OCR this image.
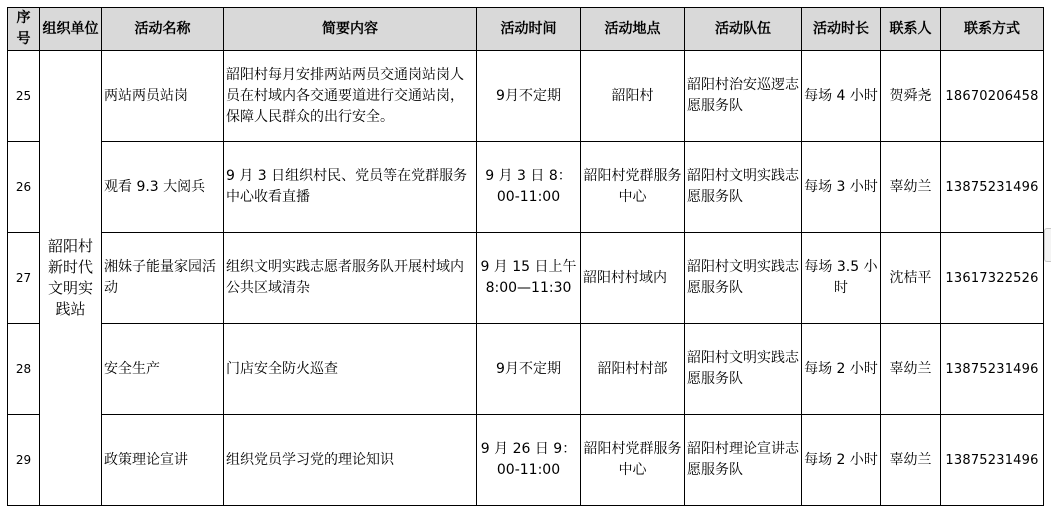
序号	组织单位	活动名称	简要内容	活动时间	活动地点	活动队伍	活动时长	联系人	联系方式
25	韶阳村新时代文明实践站	两站两员站岗	韶阳村每月安排两站两员交通岗站岗人员在村域内各交通要道进行交通站岗，保障人民群众的出行安全。	9月不定期	韶阳村	韶阳村治安巡逻志愿服务队	每场 4 小时	贺舜尧	18670206458
26		观看 9.3 大阅兵	9 月 3 日组织村民、党员等在党群服务中心收看直播	9 月 3 日 8：00-11:00	韶阳村党群服务中心	韶阳村文明实践志愿服务队	每场 3 小时	辜幼兰	13875231496
27		湘妹子能量家园活动	组织文明实践志愿者服务队开展村域内公共区域清杂	9 月 15 日上午 8:00—11:30	韶阳村村域内	韶阳村文明实践志愿服务队	每场 3.5 小时	沈桔平	13617322526
28		安全生产	门店安全防火巡查	9月不定期	韶阳村村部	韶阳村文明实践志愿服务队	每场 2 小时	辜幼兰	13875231496
29		政策理论宣讲	组织党员学习党的理论知识	9 月 26 日 9：00-11:00	韶阳村党群服务中心	韶阳村理论宣讲志愿服务队	每场 2 小时	辜幼兰	13875231496
